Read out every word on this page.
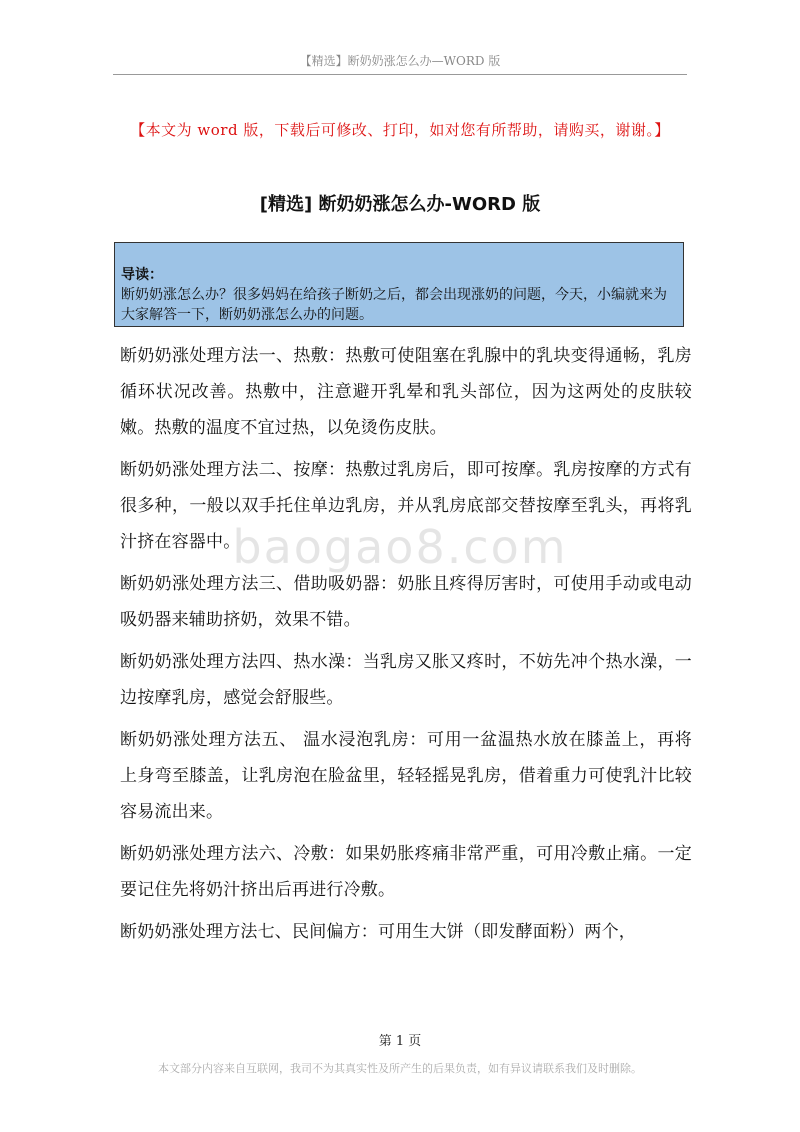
【精选】断奶奶涨怎么办—WORD 版
【本文为 word 版，下载后可修改、打印，如对您有所帮助，请购买，谢谢。】
[精选] 断奶奶涨怎么办-WORD 版
导读：
断奶奶涨怎么办？很多妈妈在给孩子断奶之后，都会出现涨奶的问题，今天，小编就来为大家解答一下，断奶奶涨怎么办的问题。
baogao8.com

断奶奶涨处理方法一、热敷：热敷可使阻塞在乳腺中的乳块变得通畅，乳房循环状况改善。热敷中，注意避开乳晕和乳头部位，因为这两处的皮肤较嫩。热敷的温度不宜过热，以免烫伤皮肤。

断奶奶涨处理方法二、按摩：热敷过乳房后，即可按摩。乳房按摩的方式有很多种，一般以双手托住单边乳房，并从乳房底部交替按摩至乳头，再将乳汁挤在容器中。

断奶奶涨处理方法三、借助吸奶器：奶胀且疼得厉害时，可使用手动或电动吸奶器来辅助挤奶，效果不错。

断奶奶涨处理方法四、热水澡：当乳房又胀又疼时，不妨先冲个热水澡，一边按摩乳房，感觉会舒服些。

断奶奶涨处理方法五、 温水浸泡乳房：可用一盆温热水放在膝盖上，再将上身弯至膝盖，让乳房泡在脸盆里，轻轻摇晃乳房，借着重力可使乳汁比较容易流出来。

断奶奶涨处理方法六、冷敷：如果奶胀疼痛非常严重，可用冷敷止痛。一定要记住先将奶汁挤出后再进行冷敷。

断奶奶涨处理方法七、民间偏方：可用生大饼（即发酵面粉）两个，

第 1 页
本文部分内容来自互联网，我司不为其真实性及所产生的后果负责，如有异议请联系我们及时删除。
